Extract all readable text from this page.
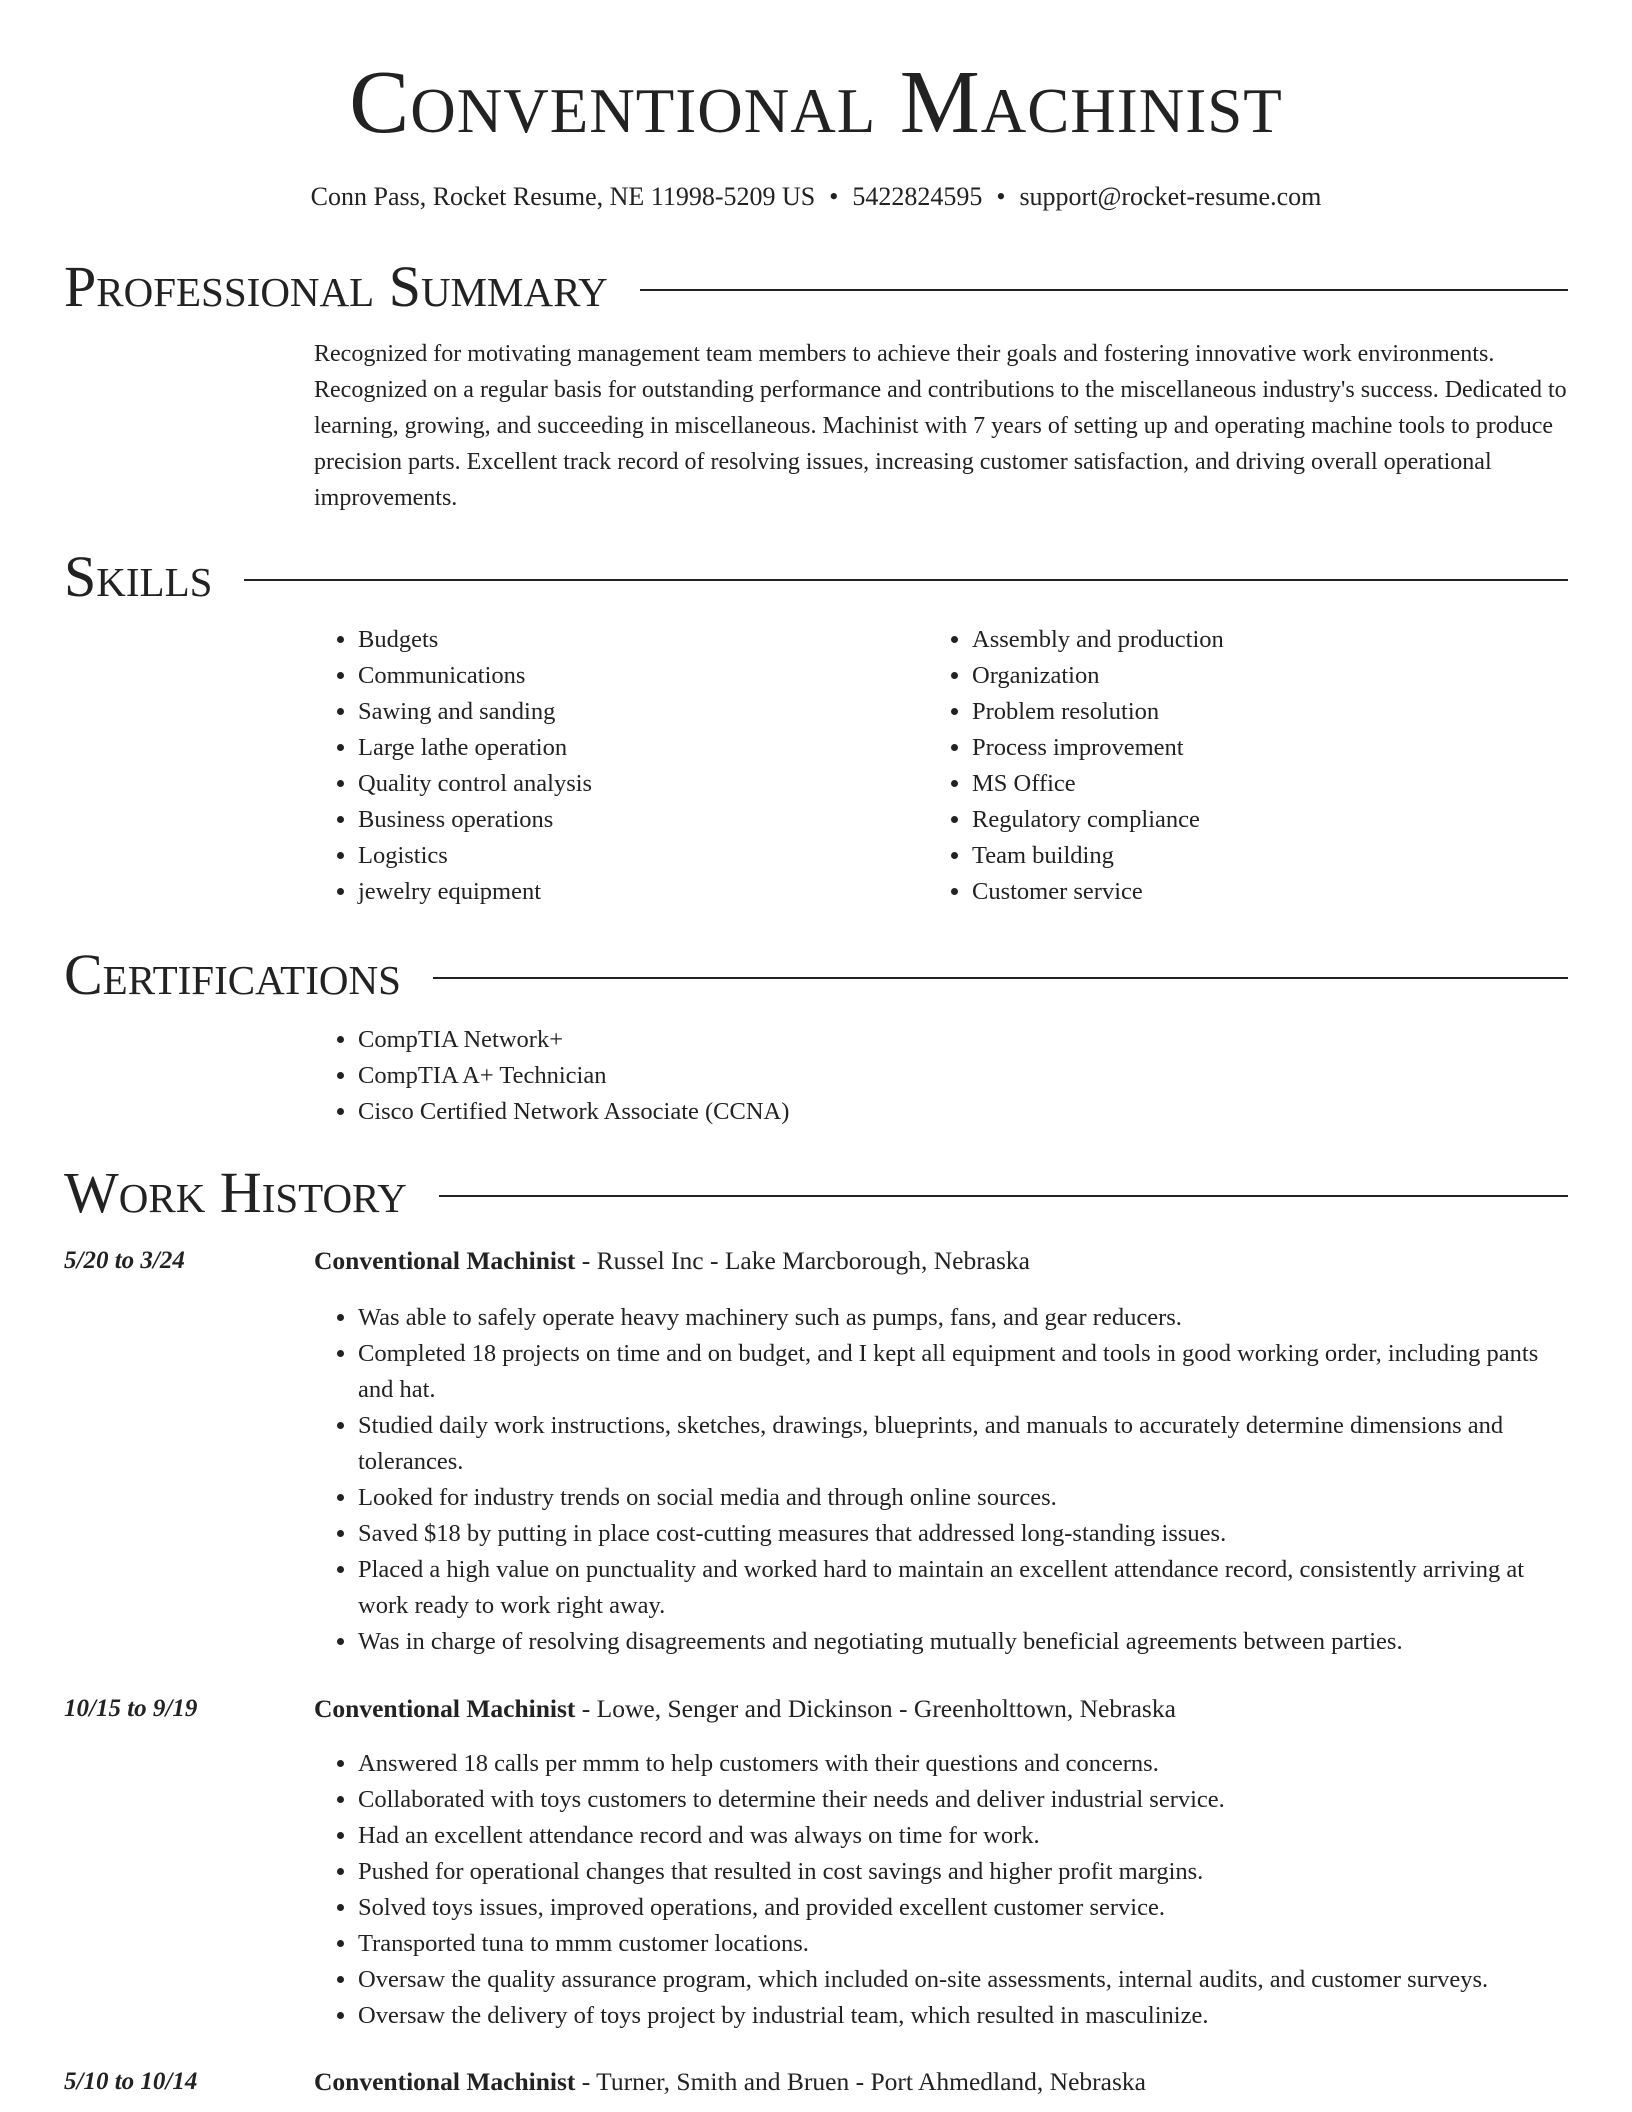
Conventional Machinist
Conn Pass, Rocket Resume, NE 11998-5209 US • 5422824595 • support@rocket-resume.com
Professional Summary
Recognized for motivating management team members to achieve their goals and fostering innovative work environments. Recognized on a regular basis for outstanding performance and contributions to the miscellaneous industry's success. Dedicated to learning, growing, and succeeding in miscellaneous. Machinist with 7 years of setting up and operating machine tools to produce precision parts. Excellent track record of resolving issues, increasing customer satisfaction, and driving overall operational improvements.
Skills
• Budgets
• Communications
• Sawing and sanding
• Large lathe operation
• Quality control analysis
• Business operations
• Logistics
• jewelry equipment
• Assembly and production
• Organization
• Problem resolution
• Process improvement
• MS Office
• Regulatory compliance
• Team building
• Customer service
Certifications
• CompTIA Network+
• CompTIA A+ Technician
• Cisco Certified Network Associate (CCNA)
Work History
5/20 to 3/24	Conventional Machinist - Russel Inc - Lake Marcborough, Nebraska
• Was able to safely operate heavy machinery such as pumps, fans, and gear reducers.
• Completed 18 projects on time and on budget, and I kept all equipment and tools in good working order, including pants and hat.
• Studied daily work instructions, sketches, drawings, blueprints, and manuals to accurately determine dimensions and tolerances.
• Looked for industry trends on social media and through online sources.
• Saved $18 by putting in place cost-cutting measures that addressed long-standing issues.
• Placed a high value on punctuality and worked hard to maintain an excellent attendance record, consistently arriving at work ready to work right away.
• Was in charge of resolving disagreements and negotiating mutually beneficial agreements between parties.
10/15 to 9/19	Conventional Machinist - Lowe, Senger and Dickinson - Greenholttown, Nebraska
• Answered 18 calls per mmm to help customers with their questions and concerns.
• Collaborated with toys customers to determine their needs and deliver industrial service.
• Had an excellent attendance record and was always on time for work.
• Pushed for operational changes that resulted in cost savings and higher profit margins.
• Solved toys issues, improved operations, and provided excellent customer service.
• Transported tuna to mmm customer locations.
• Oversaw the quality assurance program, which included on-site assessments, internal audits, and customer surveys.
• Oversaw the delivery of toys project by industrial team, which resulted in masculinize.
5/10 to 10/14	Conventional Machinist - Turner, Smith and Bruen - Port Ahmedland, Nebraska
